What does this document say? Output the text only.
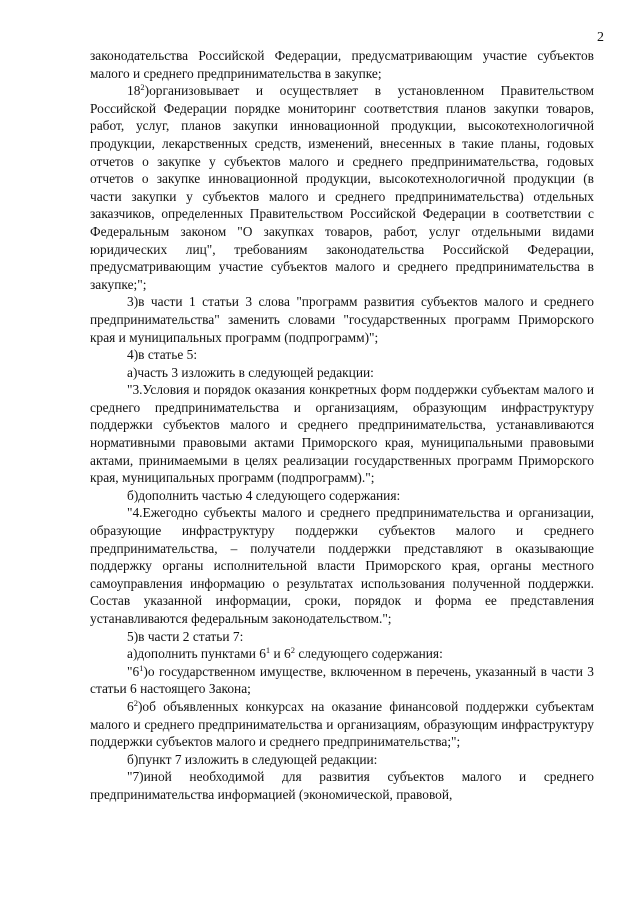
2

законодательства Российской Федерации, предусматривающим участие субъектов малого и среднего предпринимательства в закупке;

$18^2)организовывает$ и осуществляет в установленном Правительством Российской Федерации порядке мониторинг соответствия планов закупки товаров, работ, услуг, планов закупки инновационной продукции, высокотехнологичной продукции, лекарственных средств, изменений, внесенных в такие планы, годовых отчетов о закупке у субъектов малого и среднего предпринимательства, годовых отчетов о закупке инновационной продукции, высокотехнологичной продукции (в части закупки у субъектов малого и среднего предпринимательства) отдельных заказчиков, определенных Правительством Российской Федерации в соответствии с Федеральным законом "О закупках товаров, работ, услуг отдельными видами юридических лиц", требованиям законодательства Российской Федерации, предусматривающим участие субъектов малого и среднего предпринимательства в закупке;";

3)в части 1 статьи 3 слова "программ развития субъектов малого и среднего предпринимательства" заменить словами "государственных программ Приморского края и муниципальных программ (подпрограмм)";

4)в статье 5:

а)часть 3 изложить в следующей редакции:

"3.Условия и порядок оказания конкретных форм поддержки субъектам малого и среднего предпринимательства и организациям, образующим инфраструктуру поддержки субъектов малого и среднего предпринимательства, устанавливаются нормативными правовыми актами Приморского края, муниципальными правовыми актами, принимаемыми в целях реализации государственных программ Приморского края, муниципальных программ (подпрограмм).";

б)дополнить частью 4 следующего содержания:

"4.Ежегодно субъекты малого и среднего предпринимательства и организации, образующие инфраструктуру поддержки субъектов малого и среднего предпринимательства, – получатели поддержки представляют в оказывающие поддержку органы исполнительной власти Приморского края, органы местного самоуправления информацию о результатах использования полученной поддержки. Состав указанной информации, сроки, порядок и форма ее представления устанавливаются федеральным законодательством.";

5)в части 2 статьи 7:

а)дополнить пунктами $6^1$ и $6^2$ следующего содержания:

"$6^1)о$ государственном имуществе, включенном в перечень, указанный в части 3 статьи 6 настоящего Закона;

$6^2)об$ объявленных конкурсах на оказание финансовой поддержки субъектам малого и среднего предпринимательства и организациям, образующим инфраструктуру поддержки субъектов малого и среднего предпринимательства;";

б)пункт 7 изложить в следующей редакции:

"7)иной необходимой для развития субъектов малого и среднего предпринимательства информацией (экономической, правовой,
